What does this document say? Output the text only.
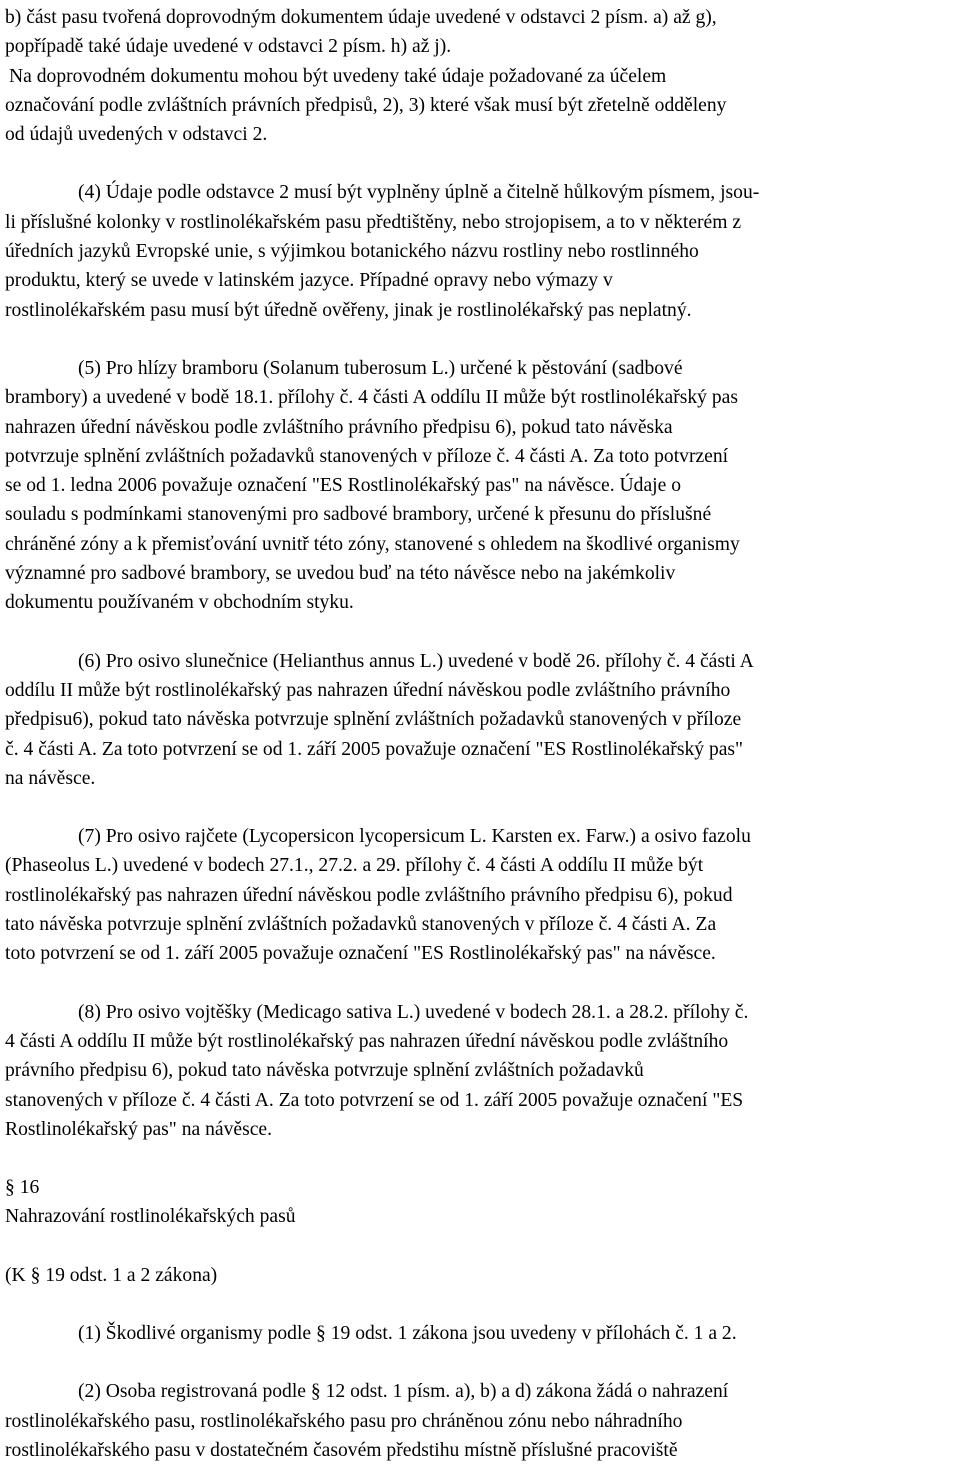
b) část pasu tvořená doprovodným dokumentem údaje uvedené v odstavci 2 písm. a) až g),

popřípadě také údaje uvedené v odstavci 2 písm. h) až j).

Na doprovodném dokumentu mohou být uvedeny také údaje požadované za účelem

označování podle zvláštních právních předpisů, 2), 3) které však musí být zřetelně odděleny

od údajů uvedených v odstavci 2.

(4) Údaje podle odstavce 2 musí být vyplněny úplně a čitelně hůlkovým písmem, jsou-

li příslušné kolonky v rostlinolékařském pasu předtištěny, nebo strojopisem, a to v některém z

úředních jazyků Evropské unie, s výjimkou botanického názvu rostliny nebo rostlinného

produktu, který se uvede v latinském jazyce. Případné opravy nebo výmazy v

rostlinolékařském pasu musí být úředně ověřeny, jinak je rostlinolékařský pas neplatný.

(5) Pro hlízy bramboru (Solanum tuberosum L.) určené k pěstování (sadbové

brambory) a uvedené v bodě 18.1. přílohy č. 4 části A oddílu II může být rostlinolékařský pas

nahrazen úřední návěskou podle zvláštního právního předpisu 6), pokud tato návěska

potvrzuje splnění zvláštních požadavků stanovených v příloze č. 4 části A. Za toto potvrzení

se od 1. ledna 2006 považuje označení "ES Rostlinolékařský pas" na návěsce. Údaje o

souladu s podmínkami stanovenými pro sadbové brambory, určené k přesunu do příslušné

chráněné zóny a k přemisťování uvnitř této zóny, stanovené s ohledem na škodlivé organismy

významné pro sadbové brambory, se uvedou buď na této návěsce nebo na jakémkoliv

dokumentu používaném v obchodním styku.

(6) Pro osivo slunečnice (Helianthus annus L.) uvedené v bodě 26. přílohy č. 4 části A

oddílu II může být rostlinolékařský pas nahrazen úřední návěskou podle zvláštního právního

předpisu6), pokud tato návěska potvrzuje splnění zvláštních požadavků stanovených v příloze

č. 4 části A. Za toto potvrzení se od 1. září 2005 považuje označení "ES Rostlinolékařský pas"

na návěsce.

(7) Pro osivo rajčete (Lycopersicon lycopersicum L. Karsten ex. Farw.) a osivo fazolu

(Phaseolus L.) uvedené v bodech 27.1., 27.2. a 29. přílohy č. 4 části A oddílu II může být

rostlinolékařský pas nahrazen úřední návěskou podle zvláštního právního předpisu 6), pokud

tato návěska potvrzuje splnění zvláštních požadavků stanovených v příloze č. 4 části A. Za

toto potvrzení se od 1. září 2005 považuje označení "ES Rostlinolékařský pas" na návěsce.

(8) Pro osivo vojtěšky (Medicago sativa L.) uvedené v bodech 28.1. a 28.2. přílohy č.

4 části A oddílu II může být rostlinolékařský pas nahrazen úřední návěskou podle zvláštního

právního předpisu 6), pokud tato návěska potvrzuje splnění zvláštních požadavků

stanovených v příloze č. 4 části A. Za toto potvrzení se od 1. září 2005 považuje označení "ES

Rostlinolékařský pas" na návěsce.

§ 16

Nahrazování rostlinolékařských pasů

(K § 19 odst. 1 a 2 zákona)

(1) Škodlivé organismy podle § 19 odst. 1 zákona jsou uvedeny v přílohách č. 1 a 2.

(2) Osoba registrovaná podle § 12 odst. 1 písm. a), b) a d) zákona žádá o nahrazení

rostlinolékařského pasu, rostlinolékařského pasu pro chráněnou zónu nebo náhradního

rostlinolékařského pasu v dostatečném časovém předstihu místně příslušné pracoviště
